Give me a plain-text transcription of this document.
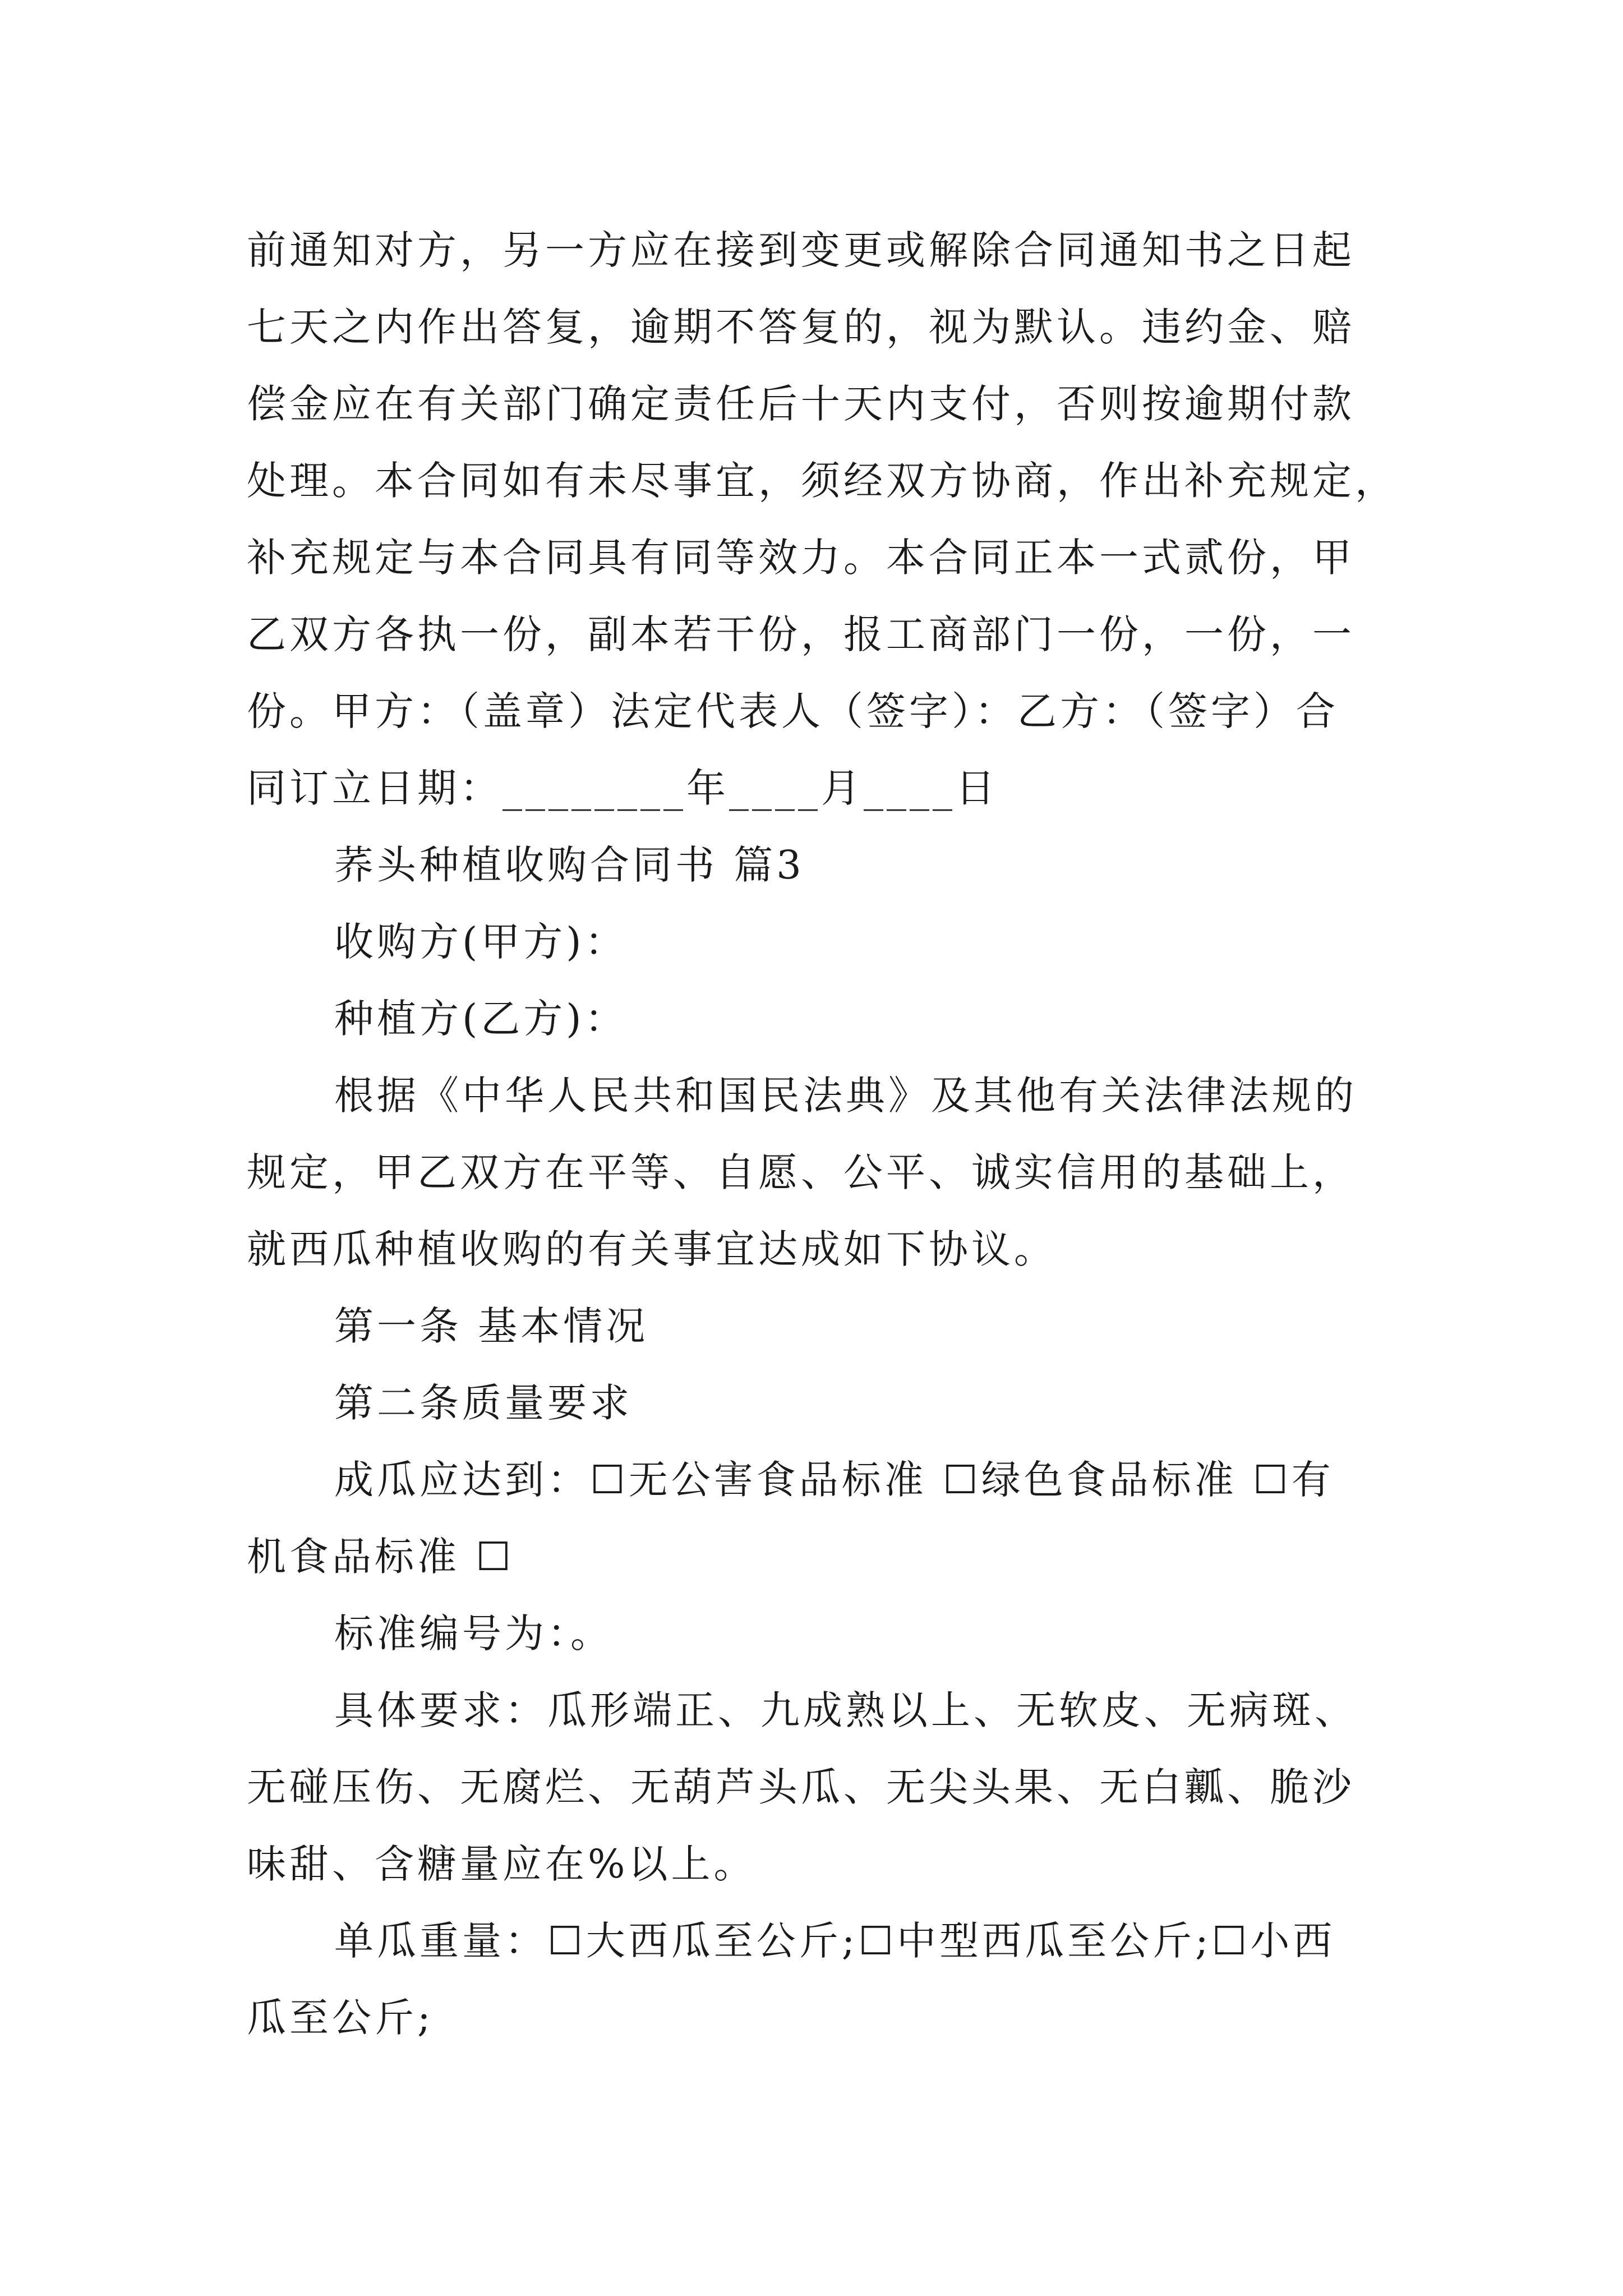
前通知对方，另一方应在接到变更或解除合同通知书之日起
七天之内作出答复，逾期不答复的，视为默认。违约金、赔
偿金应在有关部门确定责任后十天内支付，否则按逾期付款
处理。本合同如有未尽事宜，须经双方协商，作出补充规定，
补充规定与本合同具有同等效力。本合同正本一式贰份，甲
乙双方各执一份，副本若干份，报工商部门一份，一份，一
份。甲方：（盖章）法定代表人（签字）：乙方：（签字）合
同订立日期：________年____月____日
荞头种植收购合同书 篇3
收购方(甲方)：
种植方(乙方)：
根据《中华人民共和国民法典》及其他有关法律法规的
规定，甲乙双方在平等、自愿、公平、诚实信用的基础上，
就西瓜种植收购的有关事宜达成如下协议。
第一条 基本情况
第二条质量要求
成瓜应达到：☐无公害食品标准 ☐绿色食品标准 ☐有
机食品标准 ☐
标准编号为：。
具体要求：瓜形端正、九成熟以上、无软皮、无病斑、
无碰压伤、无腐烂、无葫芦头瓜、无尖头果、无白瓤、脆沙
味甜、含糖量应在%以上。
单瓜重量：☐大西瓜至公斤;☐中型西瓜至公斤;☐小西
瓜至公斤;
